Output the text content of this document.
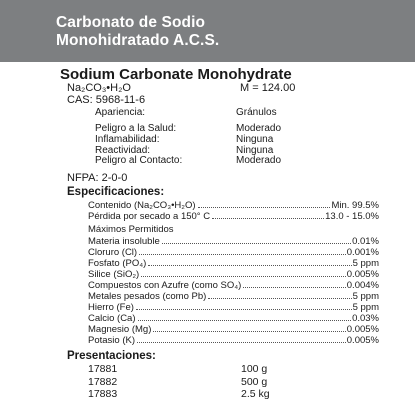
Carbonato de Sodio
Monohidratado A.C.S.
Sodium Carbonate Monohydrate
Na₂CO₃•H₂O	M = 124.00
CAS: 5968-11-6
Apariencia:	Gránulos
Peligro a la Salud:	Moderado
Inflamabilidad:	Ninguna
Reactividad:	Ninguna
Peligro al Contacto:	Moderado
NFPA: 2-0-0
Especificaciones:
Contenido (Na₂CO₃•H₂O)	Min. 99.5%
Pérdida por secado a 150° C	13.0 - 15.0%
Máximos Permitidos
Materia insoluble	0.01%
Cloruro (Cl)	0.001%
Fosfato (PO₄)	5 ppm
Silice (SiO₂)	0.005%
Compuestos con Azufre (como SO₄)	0.004%
Metales pesados (como Pb)	5 ppm
Hierro (Fe)	5 ppm
Calcio (Ca)	0.03%
Magnesio (Mg)	0.005%
Potasio (K)	0.005%
Presentaciones:
17881	100 g
17882	500 g
17883	2.5 kg
